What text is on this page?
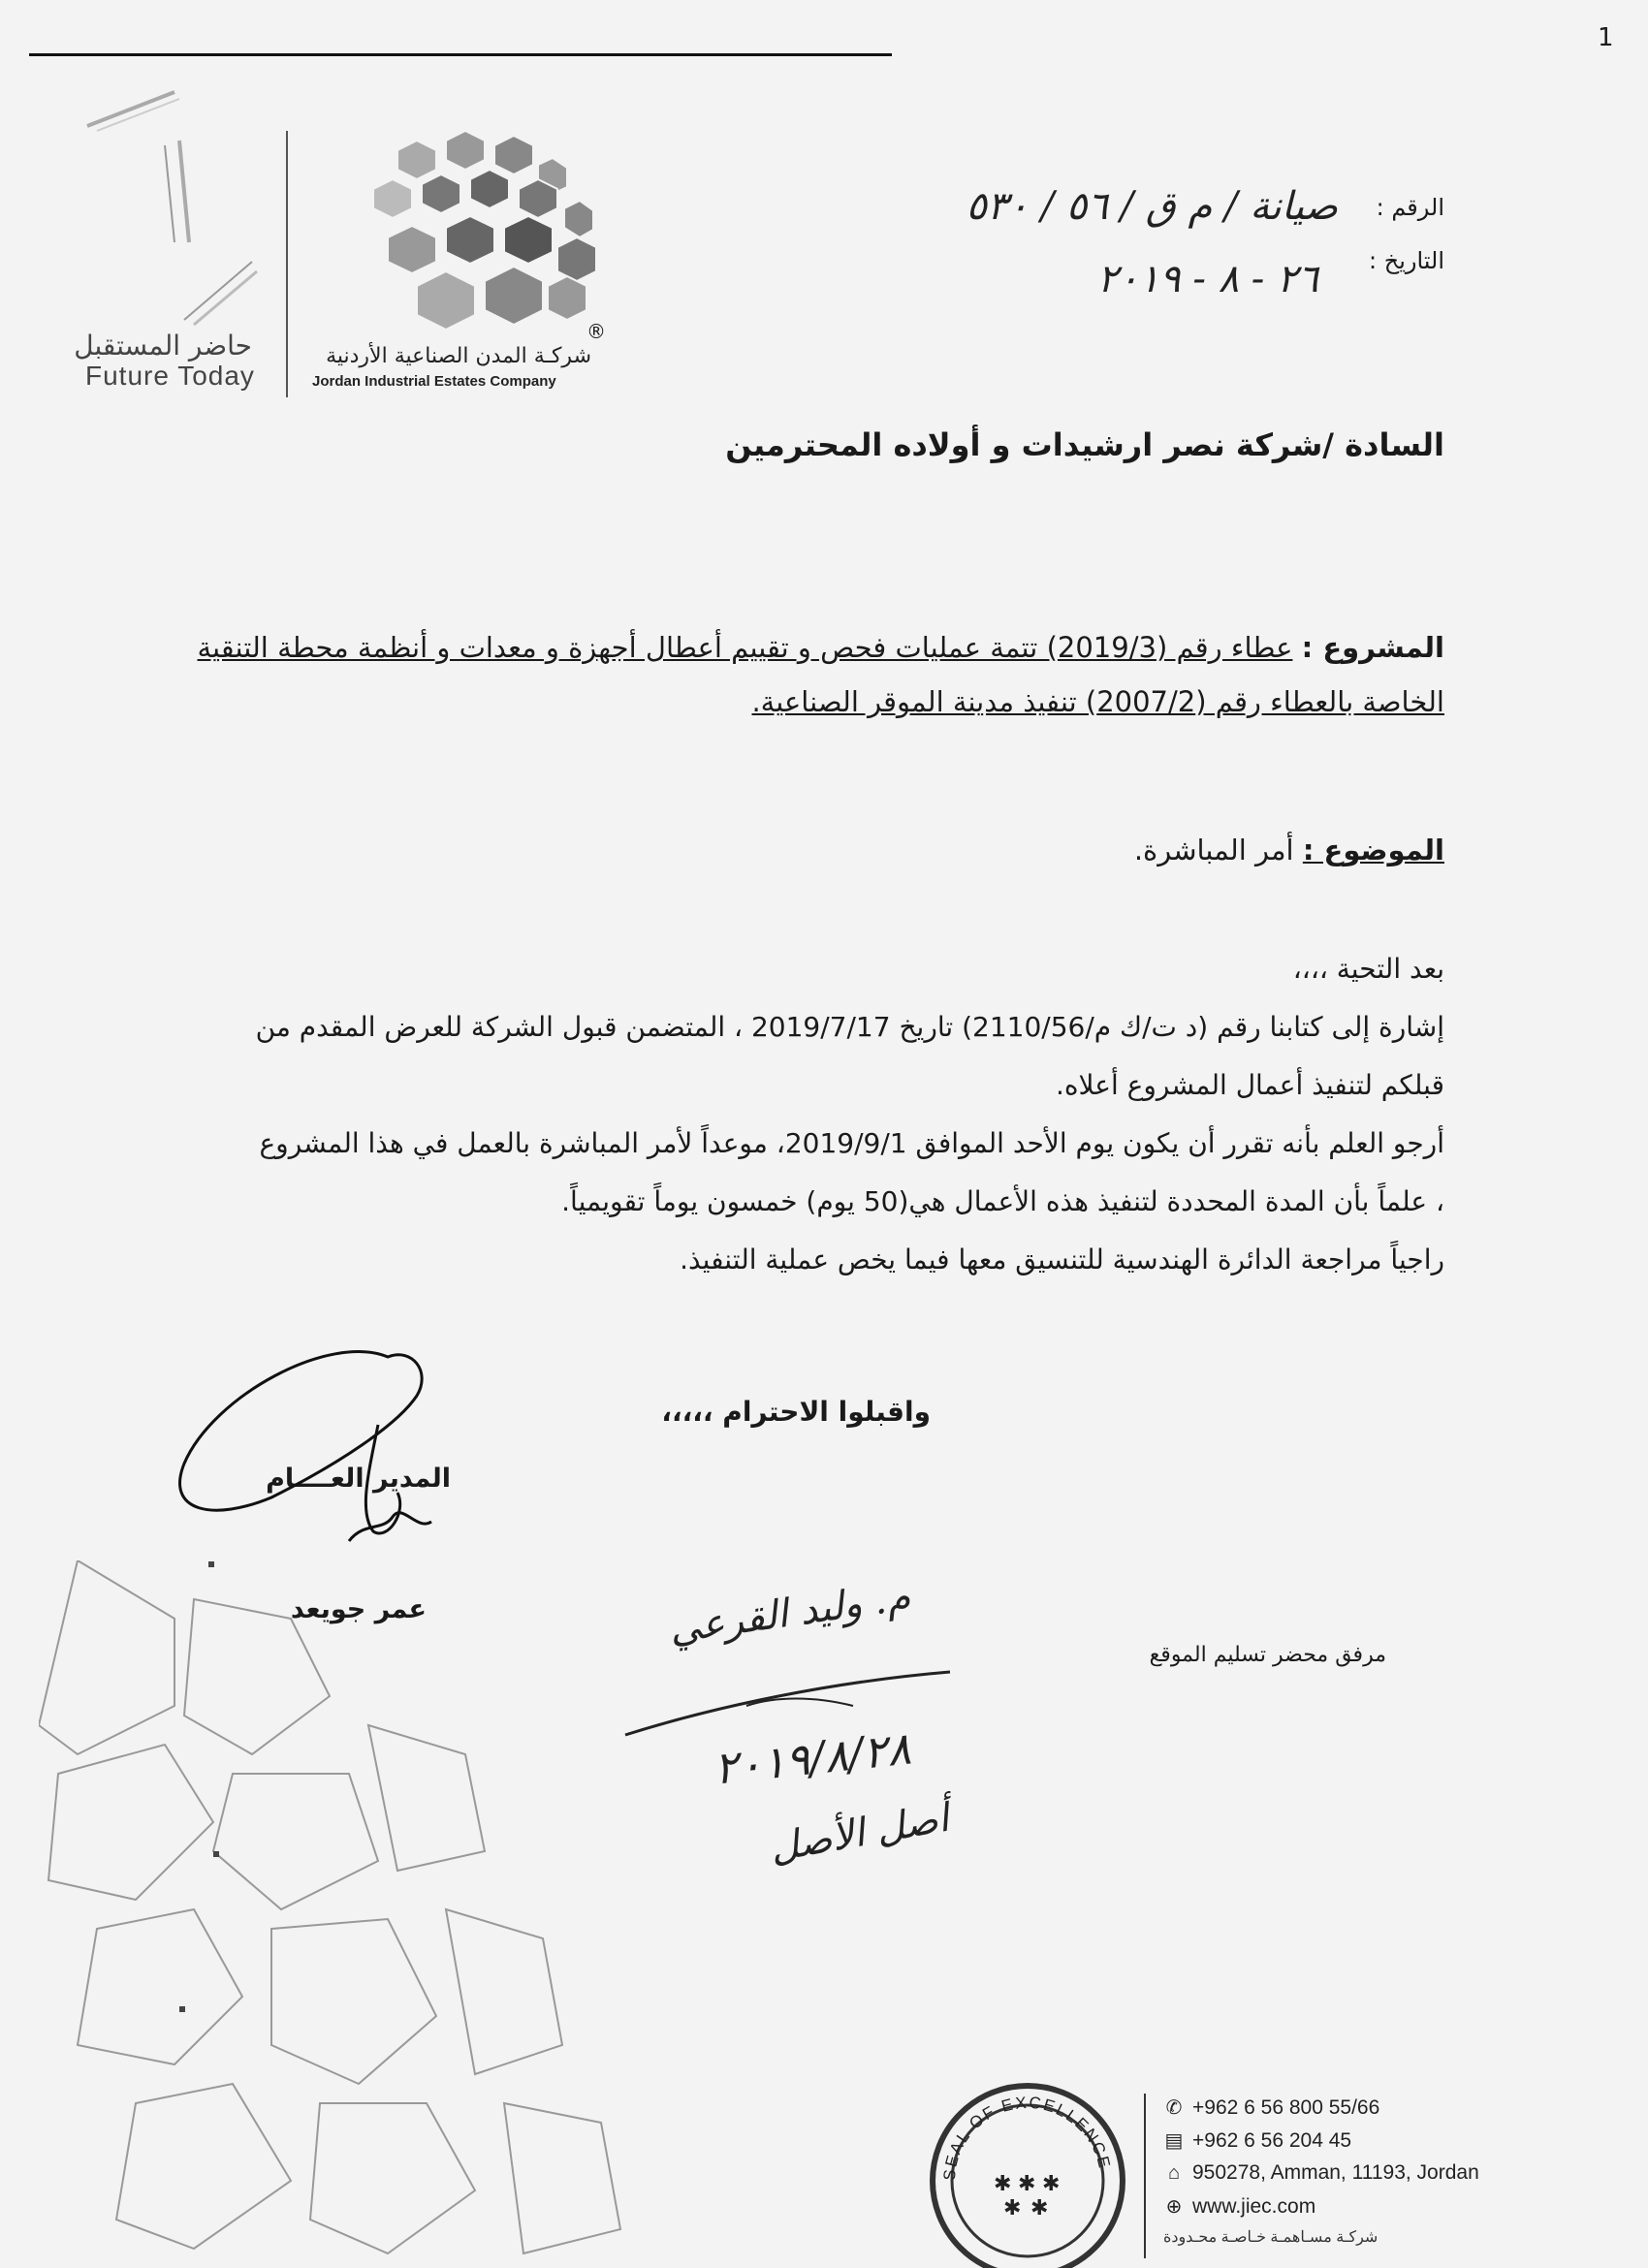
1
حاضر المستقبل
Future Today
®
شركـة المدن الصناعية الأردنية
Jordan Industrial Estates Company
الرقم :
صيانة / م ق / ٥٦ / ٥٣٠
التاريخ :
٢٦ - ٨ - ٢٠١٩
السادة /شركة نصر ارشيدات و أولاده المحترمين
المشروع : عطاء رقم (2019/3) تتمة عمليات فحص و تقييم أعطال أجهزة و معدات و أنظمة محطة التنقية
الخاصة بالعطاء رقم (2007/2) تنفيذ مدينة الموقر الصناعية.
الموضوع : أمر المباشرة.
بعد التحية ،،،،
إشارة إلى كتابنا رقم (د ت/ك م/2110/56) تاريخ 2019/7/17 ، المتضمن قبول الشركة للعرض المقدم من
قبلكم لتنفيذ أعمال المشروع أعلاه.
أرجو العلم بأنه تقرر أن يكون يوم الأحد الموافق 2019/9/1، موعداً لأمر المباشرة بالعمل في هذا المشروع
، علماً بأن المدة المحددة لتنفيذ هذه الأعمال هي(50 يوم) خمسون يوماً تقويمياً.
راجياً مراجعة الدائرة الهندسية للتنسيق معها فيما يخص عملية التنفيذ.
واقبلوا الاحترام ،،،،،
المدير العــــام
عمر جويعد
مرفق محضر تسليم الموقع
م. وليد القرعي
٢٠١٩/٨/٢٨
أصل الأصل
SEAL OF EXCELLENCE
✱ ✱ ✱
✱ ✱
✆ +962 6 56 800 55/66
▤ +962 6 56 204 45
⌂ 950278, Amman, 11193, Jordan
⊕ www.jiec.com
شركـة مسـاهمـة خـاصـة محـدودة
